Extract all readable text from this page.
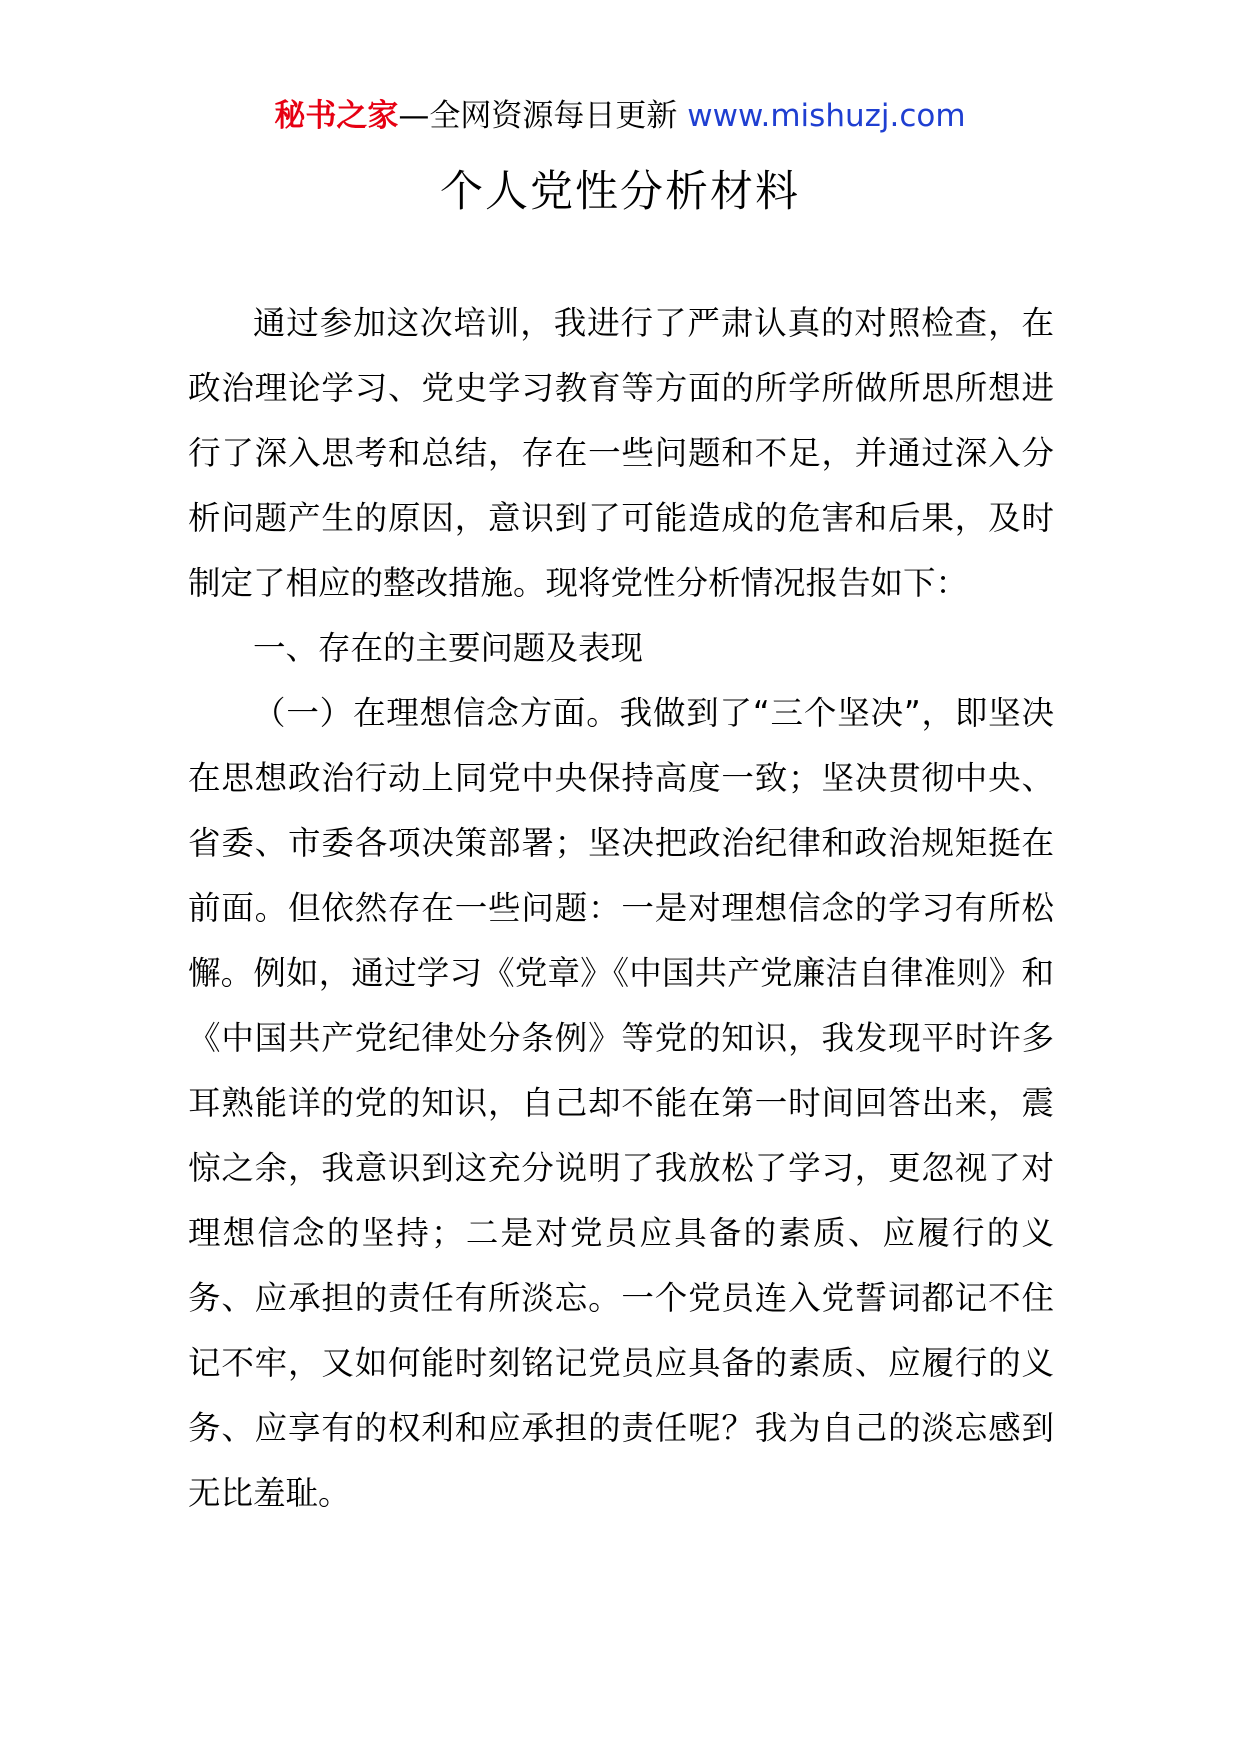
秘书之家—全网资源每日更新 www.mishuzj.com
个人党性分析材料

通过参加这次培训，我进行了严肃认真的对照检查，在政治理论学习、党史学习教育等方面的所学所做所思所想进行了深入思考和总结，存在一些问题和不足，并通过深入分析问题产生的原因，意识到了可能造成的危害和后果，及时制定了相应的整改措施。现将党性分析情况报告如下：

一、存在的主要问题及表现

（一）在理想信念方面。我做到了“三个坚决”，即坚决在思想政治行动上同党中央保持高度一致；坚决贯彻中央、省委、市委各项决策部署；坚决把政治纪律和政治规矩挺在前面。但依然存在一些问题：一是对理想信念的学习有所松懈。例如，通过学习《党章》《中国共产党廉洁自律准则》和《中国共产党纪律处分条例》等党的知识，我发现平时许多耳熟能详的党的知识，自己却不能在第一时间回答出来，震惊之余，我意识到这充分说明了我放松了学习，更忽视了对理想信念的坚持；二是对党员应具备的素质、应履行的义务、应承担的责任有所淡忘。一个党员连入党誓词都记不住记不牢，又如何能时刻铭记党员应具备的素质、应履行的义务、应享有的权利和应承担的责任呢？我为自己的淡忘感到无比羞耻。
